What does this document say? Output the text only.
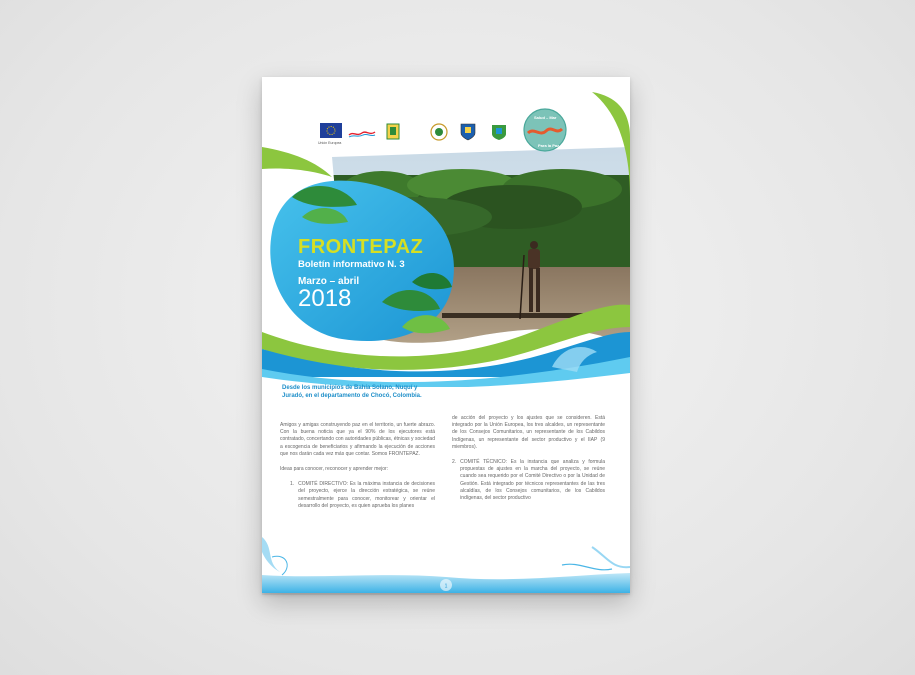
Unión Europea
Salud – Mar
Para la Paz
FRONTEPAZ
Boletín informativo N. 3
Marzo – abril
2018
Desde los municipios de Bahía Solano, Nuquí y Juradó, en el departamento de Chocó, Colombia.

Amigos y amigas construyendo paz en el territorio, un fuerte abrazo. Con la buena noticia que ya el 90% de los ejecutores está contratado, concertando con autoridades públicas, étnicas y sociedad a escogencia de beneficiarios y afirmando la ejecución de acciones que nos darán cada vez más que contar. Somos FRONTEPAZ.

Ideas para conocer, reconocer y aprender mejor:

1. COMITÉ DIRECTIVO: Es la máxima instancia de decisiones del proyecto, ejerce la dirección estratégica, se reúne semestralmente para conocer, monitorear y orientar el desarrollo del proyecto, es quien aprueba los planes

de acción del proyecto y los ajustes que se consideren. Está integrado por la Unión Europea, los tres alcaldes, un representante de los Consejos Comunitarios, un representante de los Cabildos Indígenas, un representante del sector productivo y el IIAP (9 miembros).

2. COMITÉ TÉCNICO: Es la instancia que analiza y formula propuestas de ajustes en la marcha del proyecto, se reúne cuando sea requerido por el Comité Directivo o por la Unidad de Gestión. Está integrado por técnicos representantes de las tres alcaldías, de los Consejos comunitarios, de los Cabildos indígenas, del sector productivo
1
